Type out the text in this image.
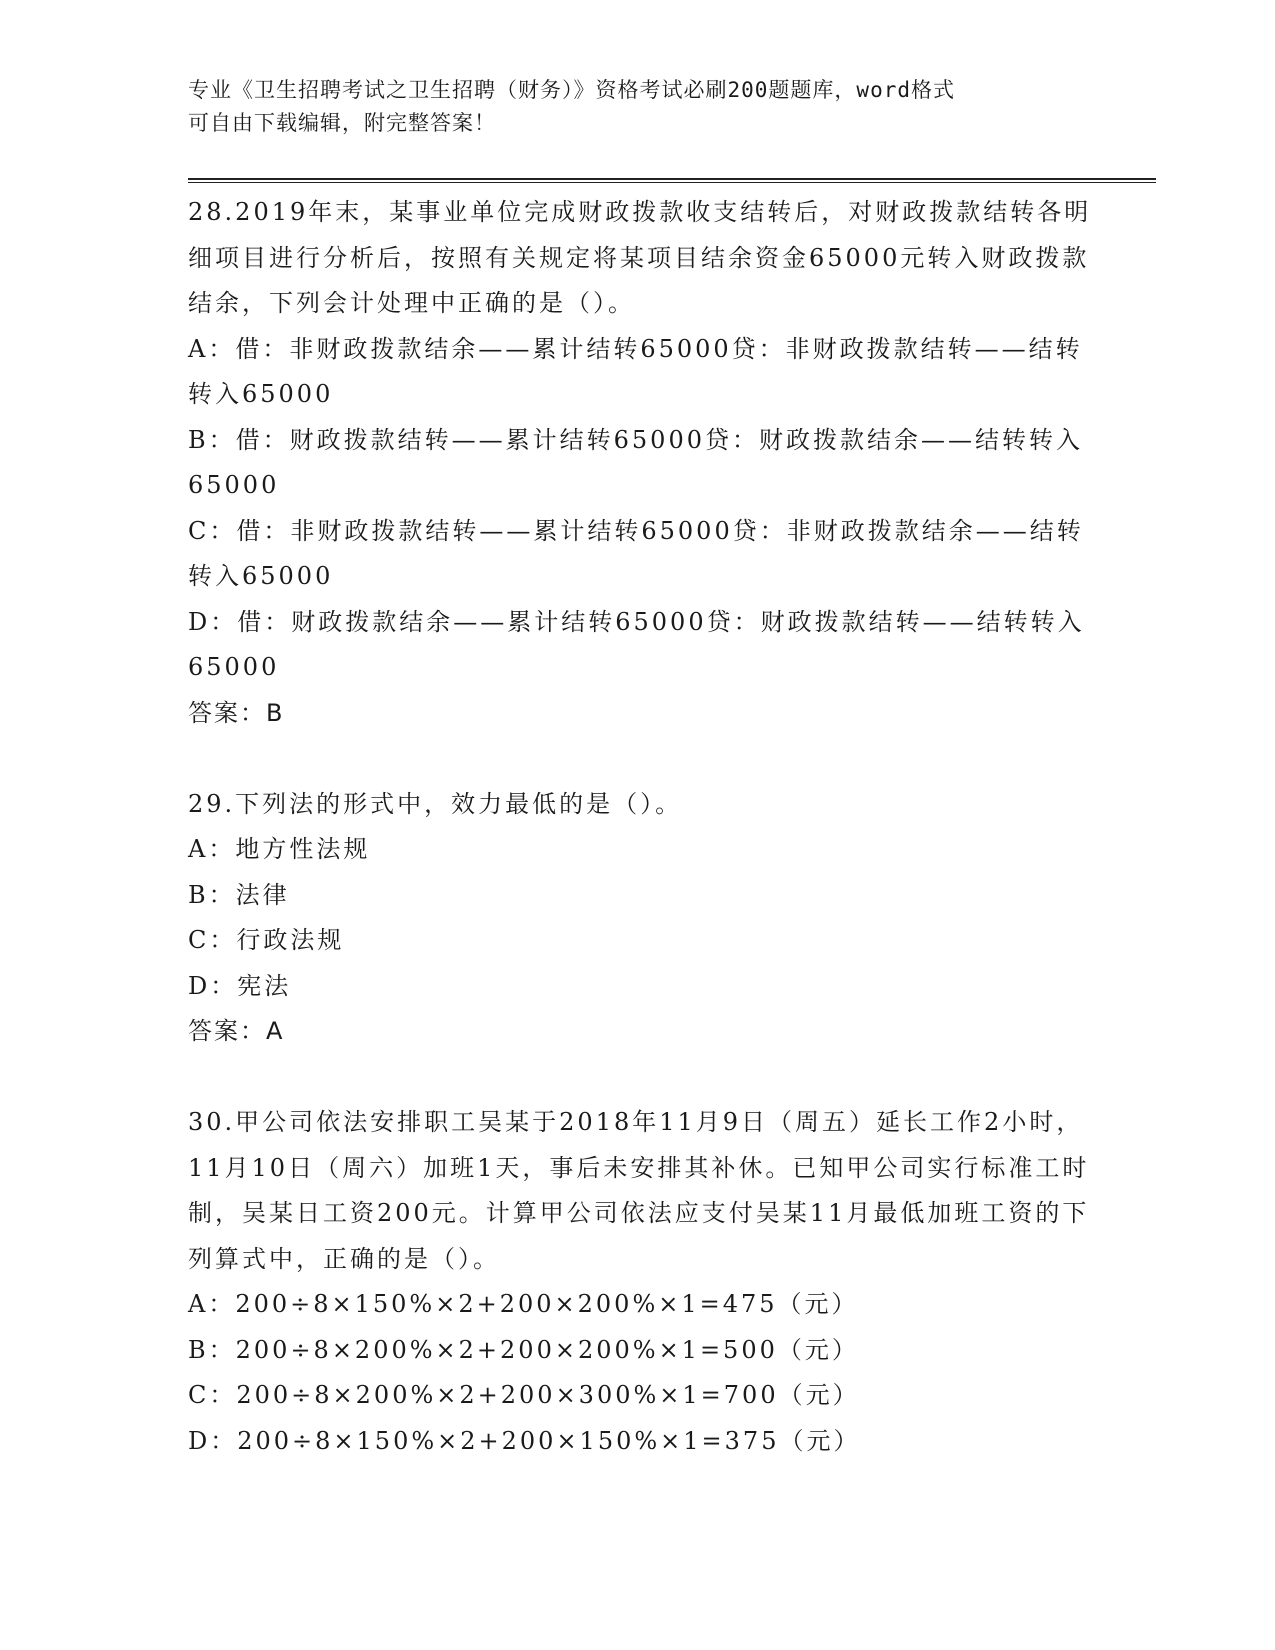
专业《卫生招聘考试之卫生招聘（财务）》资格考试必刷200题题库，word格式
可自由下载编辑，附完整答案！

28.2019年末，某事业单位完成财政拨款收支结转后，对财政拨款结转各明细项目进行分析后，按照有关规定将某项目结余资金65000元转入财政拨款结余，下列会计处理中正确的是（）。

A：借：非财政拨款结余——累计结转65000贷：非财政拨款结转——结转转入65000

B：借：财政拨款结转——累计结转65000贷：财政拨款结余——结转转入65000

C：借：非财政拨款结转——累计结转65000贷：非财政拨款结余——结转转入65000

D：借：财政拨款结余——累计结转65000贷：财政拨款结转——结转转入65000

答案：B

29.下列法的形式中，效力最低的是（）。

A：地方性法规

B：法律

C：行政法规

D：宪法

答案：A

30.甲公司依法安排职工吴某于2018年11月9日（周五）延长工作2小时，11月10日（周六）加班1天，事后未安排其补休。已知甲公司实行标准工时制，吴某日工资200元。计算甲公司依法应支付吴某11月最低加班工资的下列算式中，正确的是（）。

A：200÷8×150%×2+200×200%×1=475（元）

B：200÷8×200%×2+200×200%×1=500（元）

C：200÷8×200%×2+200×300%×1=700（元）

D：200÷8×150%×2+200×150%×1=375（元）
